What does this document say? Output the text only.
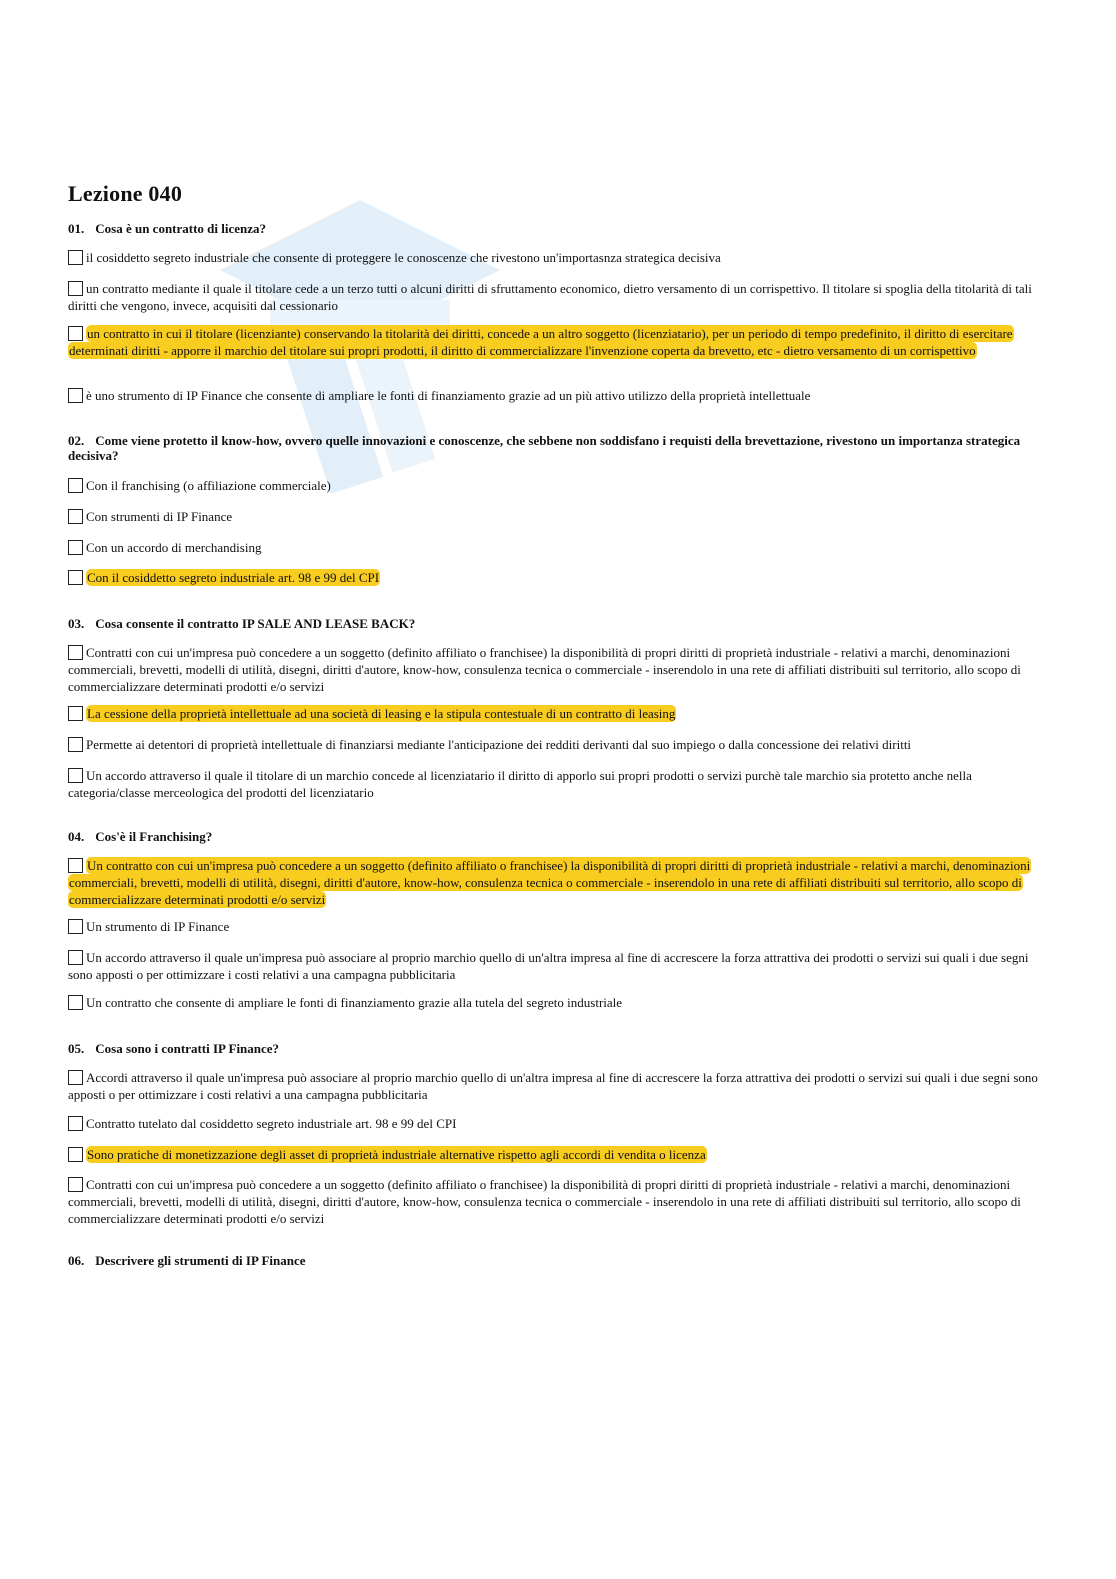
Lezione 040
01. Cosa è un contratto di licenza?
il cosiddetto segreto industriale che consente di proteggere le conoscenze che rivestono un'importasnza strategica decisiva
un contratto mediante il quale il titolare cede a un terzo tutti o alcuni diritti di sfruttamento economico, dietro versamento di un corrispettivo. Il titolare si spoglia della titolarità di tali diritti che vengono, invece, acquisiti dal cessionario
un contratto in cui il titolare (licenziante) conservando la titolarità dei diritti, concede a un altro soggetto (licenziatario), per un periodo di tempo predefinito, il diritto di esercitare determinati diritti - apporre il marchio del titolare sui propri prodotti, il diritto di commercializzare l'invenzione coperta da brevetto, etc - dietro versamento di un corrispettivo
è uno strumento di IP Finance che consente di ampliare le fonti di finanziamento grazie ad un più attivo utilizzo della proprietà intellettuale
02. Come viene protetto il know-how, ovvero quelle innovazioni e conoscenze, che sebbene non soddisfano i requisti della brevettazione, rivestono un importanza strategica decisiva?
Con il franchising (o affiliazione commerciale)
Con strumenti di IP Finance
Con un accordo di merchandising
Con il cosiddetto segreto industriale art. 98 e 99 del CPI
03. Cosa consente il contratto IP SALE AND LEASE BACK?
Contratti con cui un'impresa può concedere a un soggetto (definito affiliato o franchisee) la disponibilità di propri diritti di proprietà industriale - relativi a marchi, denominazioni commerciali, brevetti, modelli di utilità, disegni, diritti d'autore, know-how, consulenza tecnica o commerciale - inserendolo in una rete di affiliati distribuiti sul territorio, allo scopo di commercializzare determinati prodotti e/o servizi
La cessione della proprietà intellettuale ad una società di leasing e la stipula contestuale di un contratto di leasing
Permette ai detentori di proprietà intellettuale di finanziarsi mediante l'anticipazione dei redditi derivanti dal suo impiego o dalla concessione dei relativi diritti
Un accordo attraverso il quale il titolare di un marchio concede al licenziatario il diritto di apporlo sui propri prodotti o servizi purchè tale marchio sia protetto anche nella categoria/classe merceologica del prodotti del licenziatario
04. Cos'è il Franchising?
Un contratto con cui un'impresa può concedere a un soggetto (definito affiliato o franchisee) la disponibilità di propri diritti di proprietà industriale - relativi a marchi, denominazioni commerciali, brevetti, modelli di utilità, disegni, diritti d'autore, know-how, consulenza tecnica o commerciale - inserendolo in una rete di affiliati distribuiti sul territorio, allo scopo di commercializzare determinati prodotti e/o servizi
Un strumento di IP Finance
Un accordo attraverso il quale un'impresa può associare al proprio marchio quello di un'altra impresa al fine di accrescere la forza attrattiva dei prodotti o servizi sui quali i due segni sono apposti o per ottimizzare i costi relativi a una campagna pubblicitaria
Un contratto che consente di ampliare le fonti di finanziamento grazie alla tutela del segreto industriale
05. Cosa sono i contratti IP Finance?
Accordi attraverso il quale un'impresa può associare al proprio marchio quello di un'altra impresa al fine di accrescere la forza attrattiva dei prodotti o servizi sui quali i due segni sono apposti o per ottimizzare i costi relativi a una campagna pubblicitaria
Contratto tutelato dal cosiddetto segreto industriale art. 98 e 99 del CPI
Sono pratiche di monetizzazione degli asset di proprietà industriale alternative rispetto agli accordi di vendita o licenza
Contratti con cui un'impresa può concedere a un soggetto (definito affiliato o franchisee) la disponibilità di propri diritti di proprietà industriale - relativi a marchi, denominazioni commerciali, brevetti, modelli di utilità, disegni, diritti d'autore, know-how, consulenza tecnica o commerciale - inserendolo in una rete di affiliati distribuiti sul territorio, allo scopo di commercializzare determinati prodotti e/o servizi
06. Descrivere gli strumenti di IP Finance
